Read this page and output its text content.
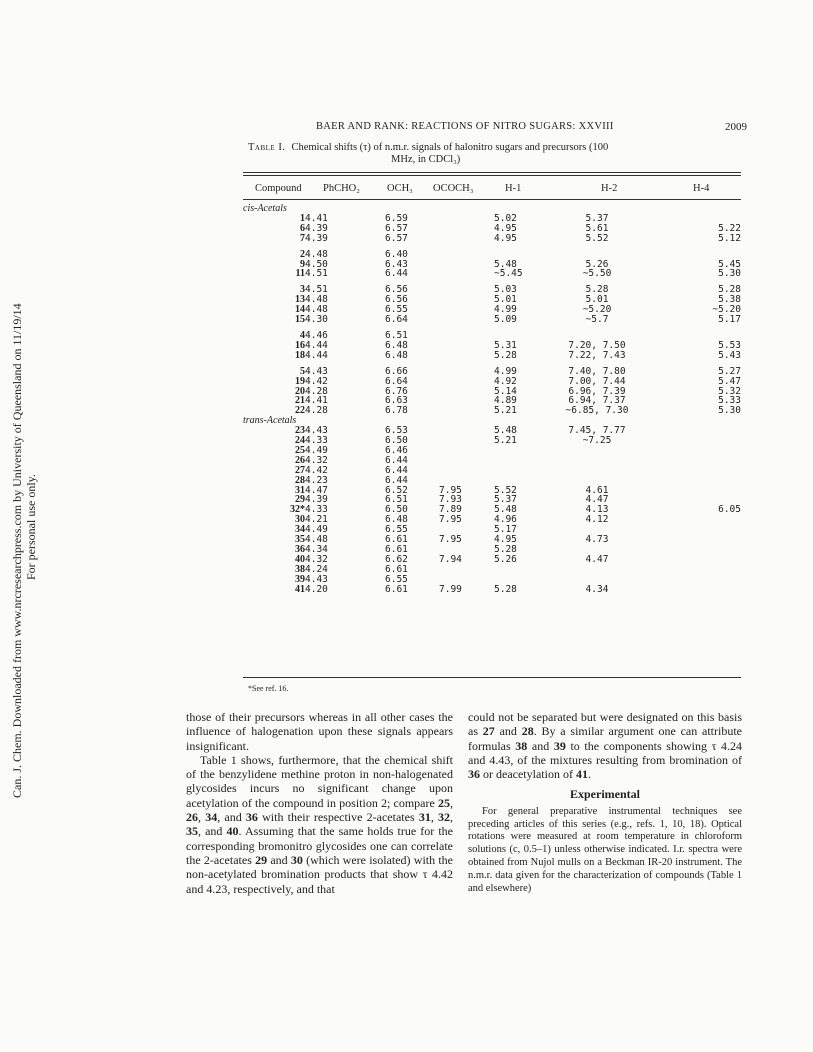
Can. J. Chem. Downloaded from www.nrcresearchpress.com by University of Queensland on 11/19/14 For personal use only.
BAER AND RANK: REACTIONS OF NITRO SUGARS: XXVIII	2009
Table I. Chemical shifts (τ) of n.m.r. signals of halonitro sugars and precursors (100
MHz, in CDCl₃)
Compound PhCHO₂	OCH₃ OCOCH₃	H-1	H-2	H-4
cis-Acetals						
1	4.41	6.59		5.02	5.37	
6	4.39	6.57		4.95	5.61	5.22
7	4.39	6.57		4.95	5.52	5.12

2	4.48	6.40				
9	4.50	6.43		5.48	5.26	5.45
11	4.51	6.44		~5.45	~5.50	5.30

3	4.51	6.56		5.03	5.28	5.28
13	4.48	6.56		5.01	5.01	5.38
14	4.48	6.55		4.99	~5.20	~5.20
15	4.30	6.64		5.09	~5.7	5.17

4	4.46	6.51				
16	4.44	6.48		5.31	7.20, 7.50	5.53
18	4.44	6.48		5.28	7.22, 7.43	5.43

5	4.43	6.66		4.99	7.40, 7.80	5.27
19	4.42	6.64		4.92	7.00, 7.44	5.47
20	4.28	6.76		5.14	6.96, 7.39	5.32
21	4.41	6.63		4.89	6.94, 7.37	5.33
22	4.28	6.78		5.21	~6.85, 7.30	5.30
trans-Acetals						
23	4.43	6.53		5.48	7.45, 7.77	
24	4.33	6.50		5.21	~7.25	
25	4.49	6.46				
26	4.32	6.44				
27	4.42	6.44				
28	4.23	6.44				
31	4.47	6.52	7.95	5.52	4.61	
29	4.39	6.51	7.93	5.37	4.47	
32*	4.33	6.50	7.89	5.48	4.13	6.05
30	4.21	6.48	7.95	4.96	4.12	
34	4.49	6.55		5.17		
35	4.48	6.61	7.95	4.95	4.73	
36	4.34	6.61		5.28		
40	4.32	6.62	7.94	5.26	4.47	
38	4.24	6.61				
39	4.43	6.55				
41	4.20	6.61	7.99	5.28	4.34	
*See ref. 16.

those of their precursors whereas in all other cases the influence of halogenation upon these signals appears insignificant.

Table 1 shows, furthermore, that the chemical shift of the benzylidene methine proton in non-halogenated glycosides incurs no significant change upon acetylation of the compound in position 2; compare 25, 26, 34, and 36 with their respective 2-acetates 31, 32, 35, and 40. Assuming that the same holds true for the corresponding bromonitro glycosides one can correlate the 2-acetates 29 and 30 (which were isolated) with the non-acetylated bromination products that show τ 4.42 and 4.23, respectively, and that

could not be separated but were designated on this basis as 27 and 28. By a similar argument one can attribute formulas 38 and 39 to the components showing τ 4.24 and 4.43, of the mixtures resulting from bromination of 36 or deacetylation of 41.

Experimental

For general preparative instrumental techniques see preceding articles of this series (e.g., refs. 1, 10, 18). Optical rotations were measured at room temperature in chloroform solutions (c, 0.5–1) unless otherwise indicated. I.r. spectra were obtained from Nujol mulls on a Beckman IR-20 instrument. The n.m.r. data given for the characterization of compounds (Table 1 and elsewhere)
